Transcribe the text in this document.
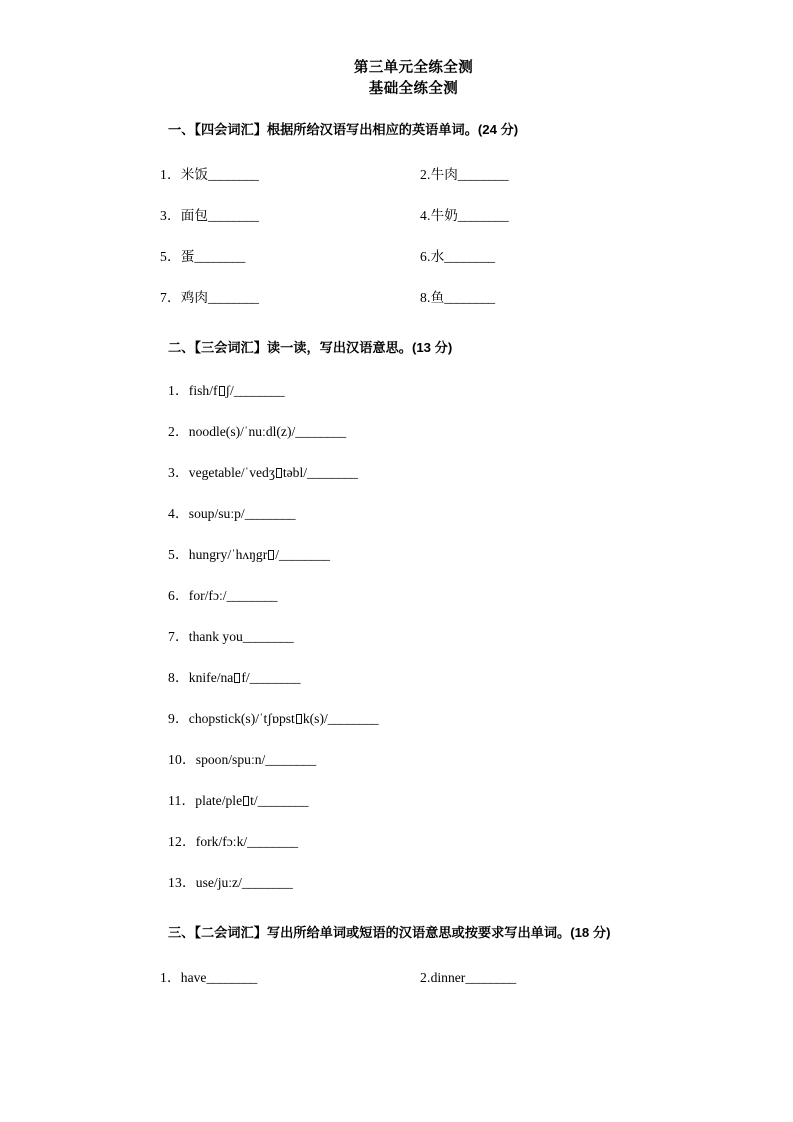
第三单元全练全测
基础全练全测
一、【四会词汇】根据所给汉语写出相应的英语单词。(24 分)
1．米饭________	2.牛肉________
3．面包________	4.牛奶________
5．蛋________	6.水________
7．鸡肉________	8.鱼________
二、【三会词汇】读一读，写出汉语意思。(13 分)
1．fish/f ʃ/________
2．noodle(s)/ˈnuːdl(z)/________
3．vegetable/ˈvedʒ təbl/________
4．soup/suːp/________
5．hungry/ˈhʌŋgr /________
6．for/fɔː/________
7．thank you________
8．knife/na f/________
9．chopstick(s)/ˈtʃɒpst k(s)/________
10．spoon/spuːn/________
11．plate/ple t/________
12．fork/fɔːk/________
13．use/juːz/________
三、【二会词汇】写出所给单词或短语的汉语意思或按要求写出单词。(18 分)
1．have________	2.dinner________
